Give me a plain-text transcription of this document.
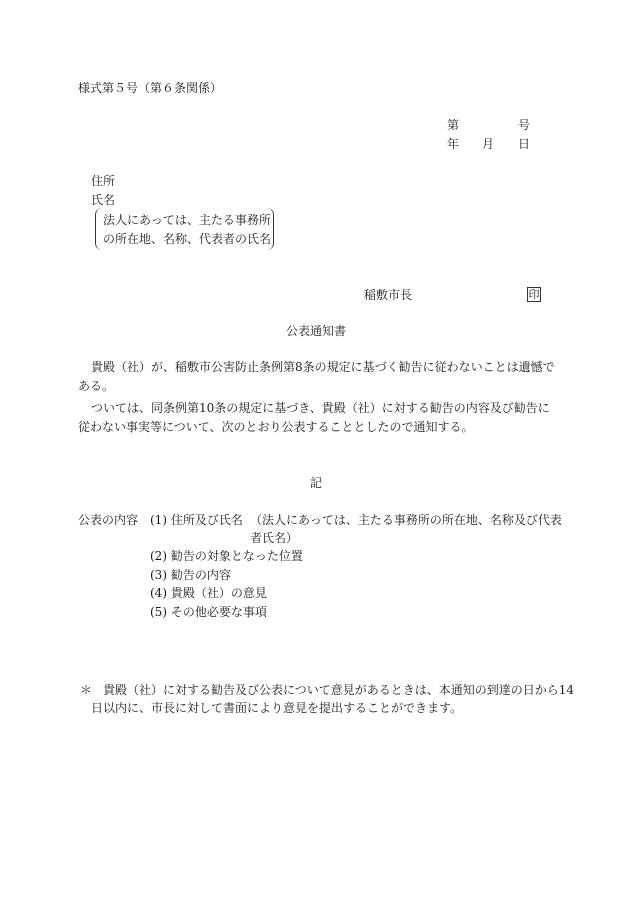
様式第５号（第６条関係）
第	号
年 月 日
住所
氏名
法人にあっては、主たる事務所
の所在地、名称、代表者の氏名
稲敷市長	印
公表通知書
貴殿（社）が、稲敷市公害防止条例第8条の規定に基づく勧告に従わないことは遺憾である。
ついては、同条例第10条の規定に基づき、貴殿（社）に対する勧告の内容及び勧告に従わない事実等について、次のとおり公表することとしたので通知する。
記
公表の内容 (1) 住所及び氏名 （法人にあっては、主たる事務所の所在地、名称及び代表
者氏名）
(2) 勧告の対象となった位置
(3) 勧告の内容
(4) 貴殿（社）の意見
(5) その他必要な事項
＊ 貴殿（社）に対する勧告及び公表について意見があるときは、本通知の到達の日から14
日以内に、市長に対して書面により意見を提出することができます。
